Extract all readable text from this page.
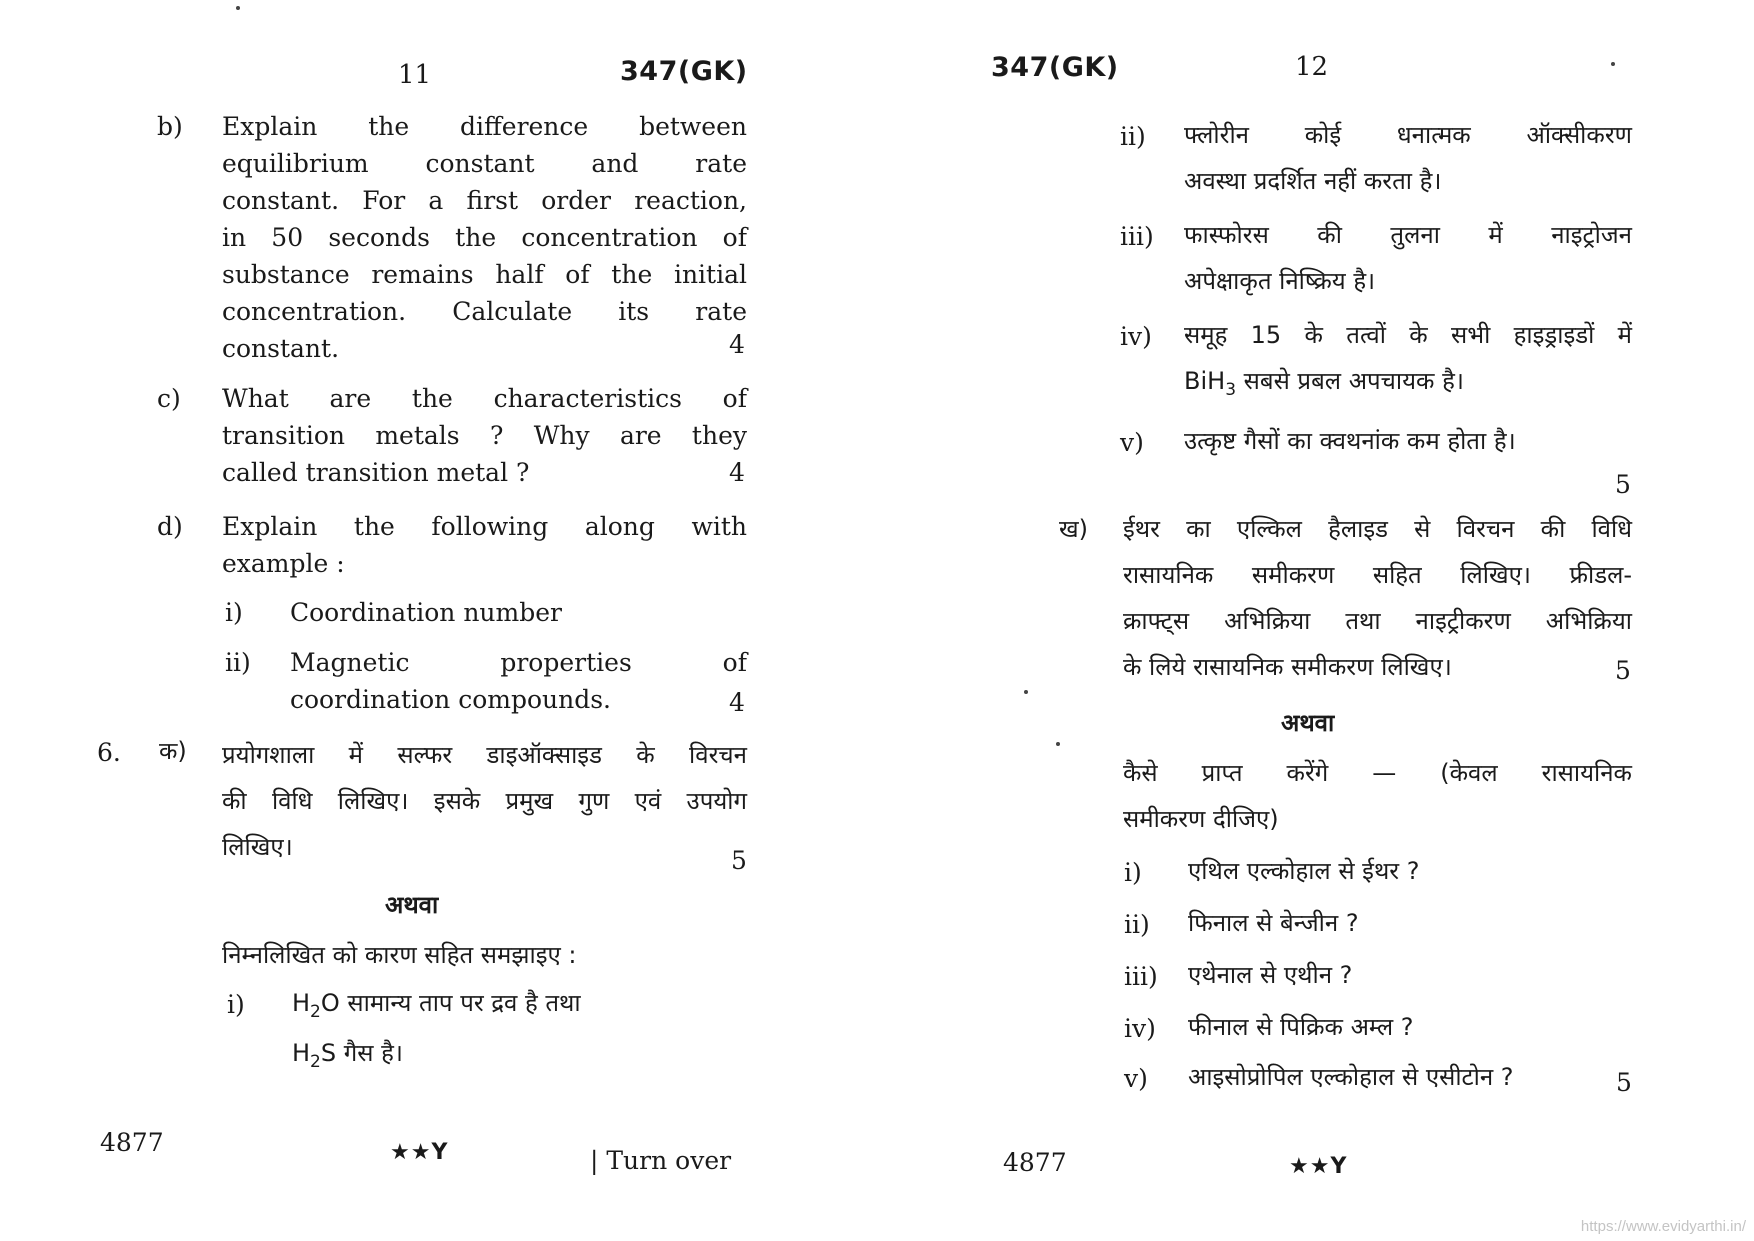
11	347(GK)
b) Explain the difference between
equilibrium constant and rate
constant. For a first order reaction,
in 50 seconds the concentration of
substance remains half of the initial
concentration. Calculate its rate
constant.	4
c) What are the characteristics of
transition metals ? Why are they
called transition metal ?	4
d) Explain the following along with
example :
i) Coordination number
ii) Magnetic properties of
coordination compounds.	4
6. क) प्रयोगशाला में सल्फर डाइऑक्साइड के विरचन
की विधि लिखिए। इसके प्रमुख गुण एवं उपयोग
लिखिए।	5
अथवा
निम्नलिखित को कारण सहित समझाइए :
i) $H_2O$ सामान्य ताप पर द्रव है तथा
$H_2S$ गैस है।
4877	★★Y	| Turn over
347(GK)	12
ii) फ्लोरीन कोई धनात्मक ऑक्सीकरण
अवस्था प्रदर्शित नहीं करता है।
iii) फास्फोरस की तुलना में नाइट्रोजन
अपेक्षाकृत निष्क्रिय है।
iv) समूह 15 के तत्वों के सभी हाइड्राइडों में
BiH$_3$ सबसे प्रबल अपचायक है।
v) उत्कृष्ट गैसों का क्वथनांक कम होता है।
5
ख) ईथर का एल्किल हैलाइड से विरचन की विधि
रासायनिक समीकरण सहित लिखिए। फ्रीडल-
क्राफ्ट्स अभिक्रिया तथा नाइट्रीकरण अभिक्रिया
के लिये रासायनिक समीकरण लिखिए।	5
अथवा
कैसे प्राप्त करेंगे — (केवल रासायनिक
समीकरण दीजिए)
i) एथिल एल्कोहाल से ईथर ?
ii) फिनाल से बेन्जीन ?
iii) एथेनाल से एथीन ?
iv) फीनाल से पिक्रिक अम्ल ?
v) आइसोप्रोपिल एल्कोहाल से एसीटोन ?	5
4877	★★Y
https://www.evidyarthi.in/
